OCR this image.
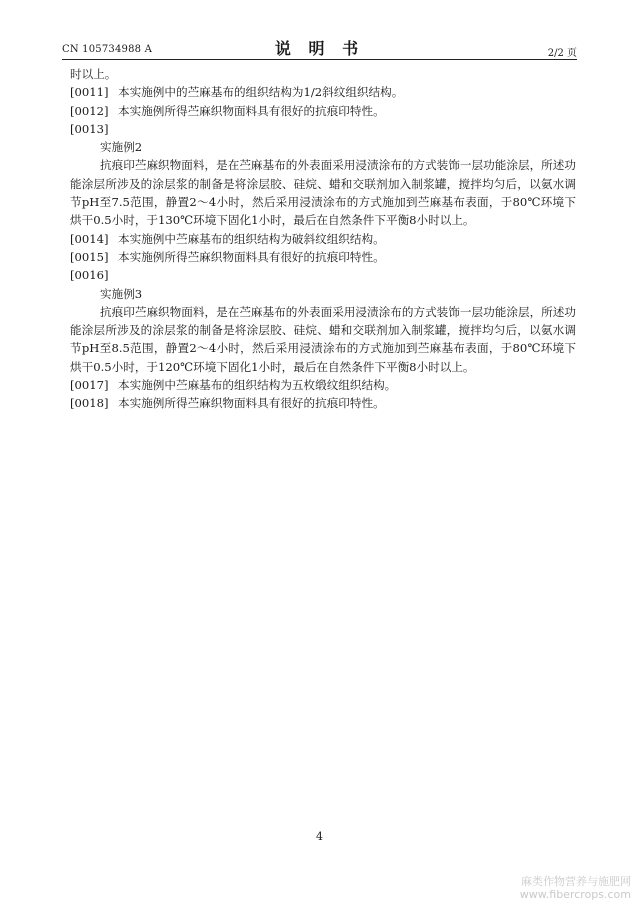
CN 105734988 A	说 明 书	2/2 页
时以上。
[0011] 本实施例中的苎麻基布的组织结构为1/2斜纹组织结构。
[0012] 本实施例所得苎麻织物面料具有很好的抗痕印特性。
[0013]
实施例2
抗痕印苎麻织物面料，是在苎麻基布的外表面采用浸渍涂布的方式装饰一层功能涂层，所述功能涂层所涉及的涂层浆的制备是将涂层胶、硅烷、蜡和交联剂加入制浆罐，搅拌均匀后，以氨水调节pH至7.5范围，静置2～4小时，然后采用浸渍涂布的方式施加到苎麻基布表面，于80℃环境下烘干0.5小时，于130℃环境下固化1小时，最后在自然条件下平衡8小时以上。
[0014] 本实施例中苎麻基布的组织结构为破斜纹组织结构。
[0015] 本实施例所得苎麻织物面料具有很好的抗痕印特性。
[0016]
实施例3
抗痕印苎麻织物面料，是在苎麻基布的外表面采用浸渍涂布的方式装饰一层功能涂层，所述功能涂层所涉及的涂层浆的制备是将涂层胶、硅烷、蜡和交联剂加入制浆罐，搅拌均匀后，以氨水调节pH至8.5范围，静置2～4小时，然后采用浸渍涂布的方式施加到苎麻基布表面，于80℃环境下烘干0.5小时，于120℃环境下固化1小时，最后在自然条件下平衡8小时以上。
[0017] 本实施例中苎麻基布的组织结构为五枚缎纹组织结构。
[0018] 本实施例所得苎麻织物面料具有很好的抗痕印特性。
4
麻类作物营养与施肥网
www.fibercrops.com
